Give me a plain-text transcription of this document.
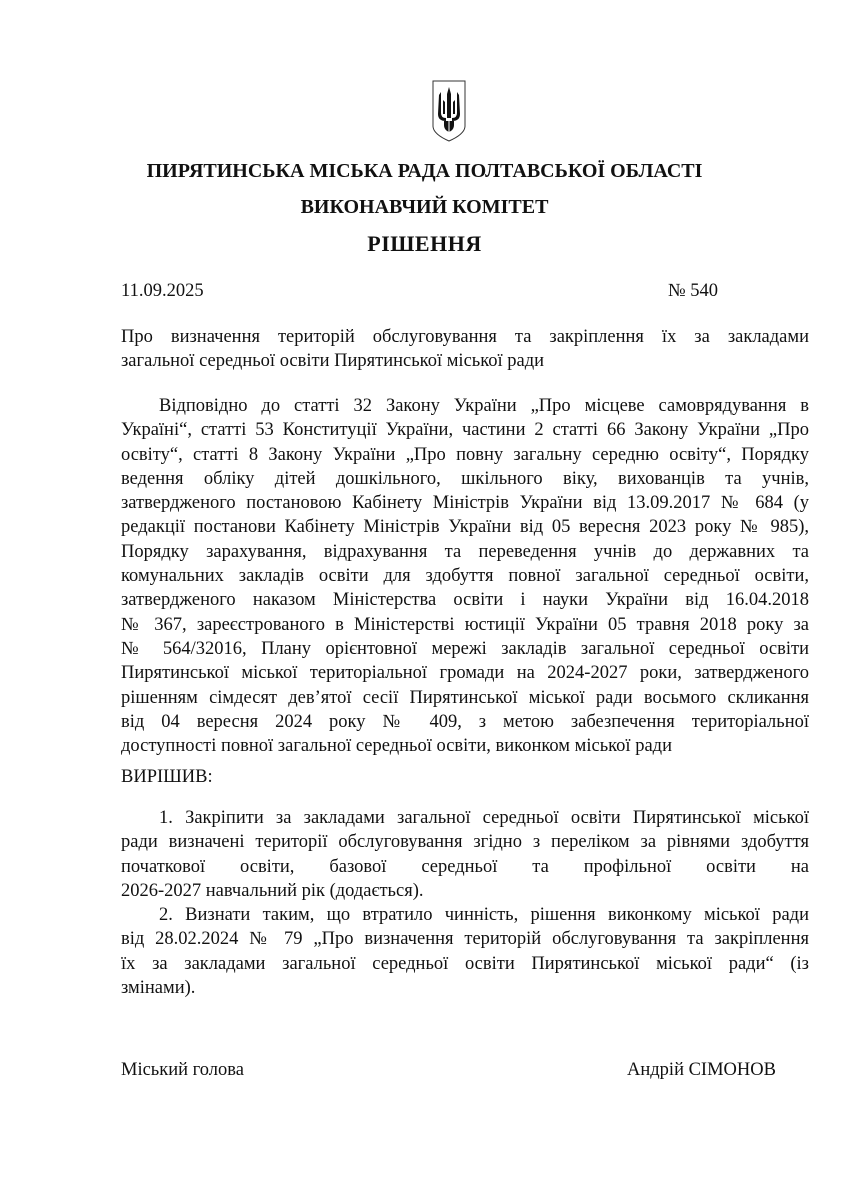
ПИРЯТИНСЬКА МІСЬКА РАДА ПОЛТАВСЬКОЇ ОБЛАСТІ
ВИКОНАВЧИЙ КОМІТЕТ
РІШЕННЯ
11.09.2025	№ 540
Про визначення територій обслуговування та закріплення їх за закладами
загальної середньої освіти Пирятинської міської ради
Відповідно до статті 32 Закону України „Про місцеве самоврядування в
Україні“, статті 53 Конституції України, частини 2 статті 66 Закону України „Про
освіту“, статті 8 Закону України „Про повну загальну середню освіту“, Порядку
ведення обліку дітей дошкільного, шкільного віку, вихованців та учнів,
затвердженого постановою Кабінету Міністрів України від 13.09.2017 № 684 (у
редакції постанови Кабінету Міністрів України від 05 вересня 2023 року № 985),
Порядку зарахування, відрахування та переведення учнів до державних та
комунальних закладів освіти для здобуття повної загальної середньої освіти,
затвердженого наказом Міністерства освіти і науки України від 16.04.2018
№ 367, зареєстрованого в Міністерстві юстиції України 05 травня 2018 року за
№ 564/32016, Плану орієнтовної мережі закладів загальної середньої освіти
Пирятинської міської територіальної громади на 2024-2027 роки, затвердженого
рішенням сімдесят дев’ятої сесії Пирятинської міської ради восьмого скликання
від 04 вересня 2024 року № 409, з метою забезпечення територіальної
доступності повної загальної середньої освіти, виконком міської ради
ВИРІШИВ:
1. Закріпити за закладами загальної середньої освіти Пирятинської міської
ради визначені території обслуговування згідно з переліком за рівнями здобуття
початкової освіти, базової середньої та профільної освіти на
2026-2027 навчальний рік (додається).
2. Визнати таким, що втратило чинність, рішення виконкому міської ради
від 28.02.2024 № 79 „Про визначення територій обслуговування та закріплення
їх за закладами загальної середньої освіти Пирятинської міської ради“ (із
змінами).
Міський голова	Андрій СІМОНОВ
